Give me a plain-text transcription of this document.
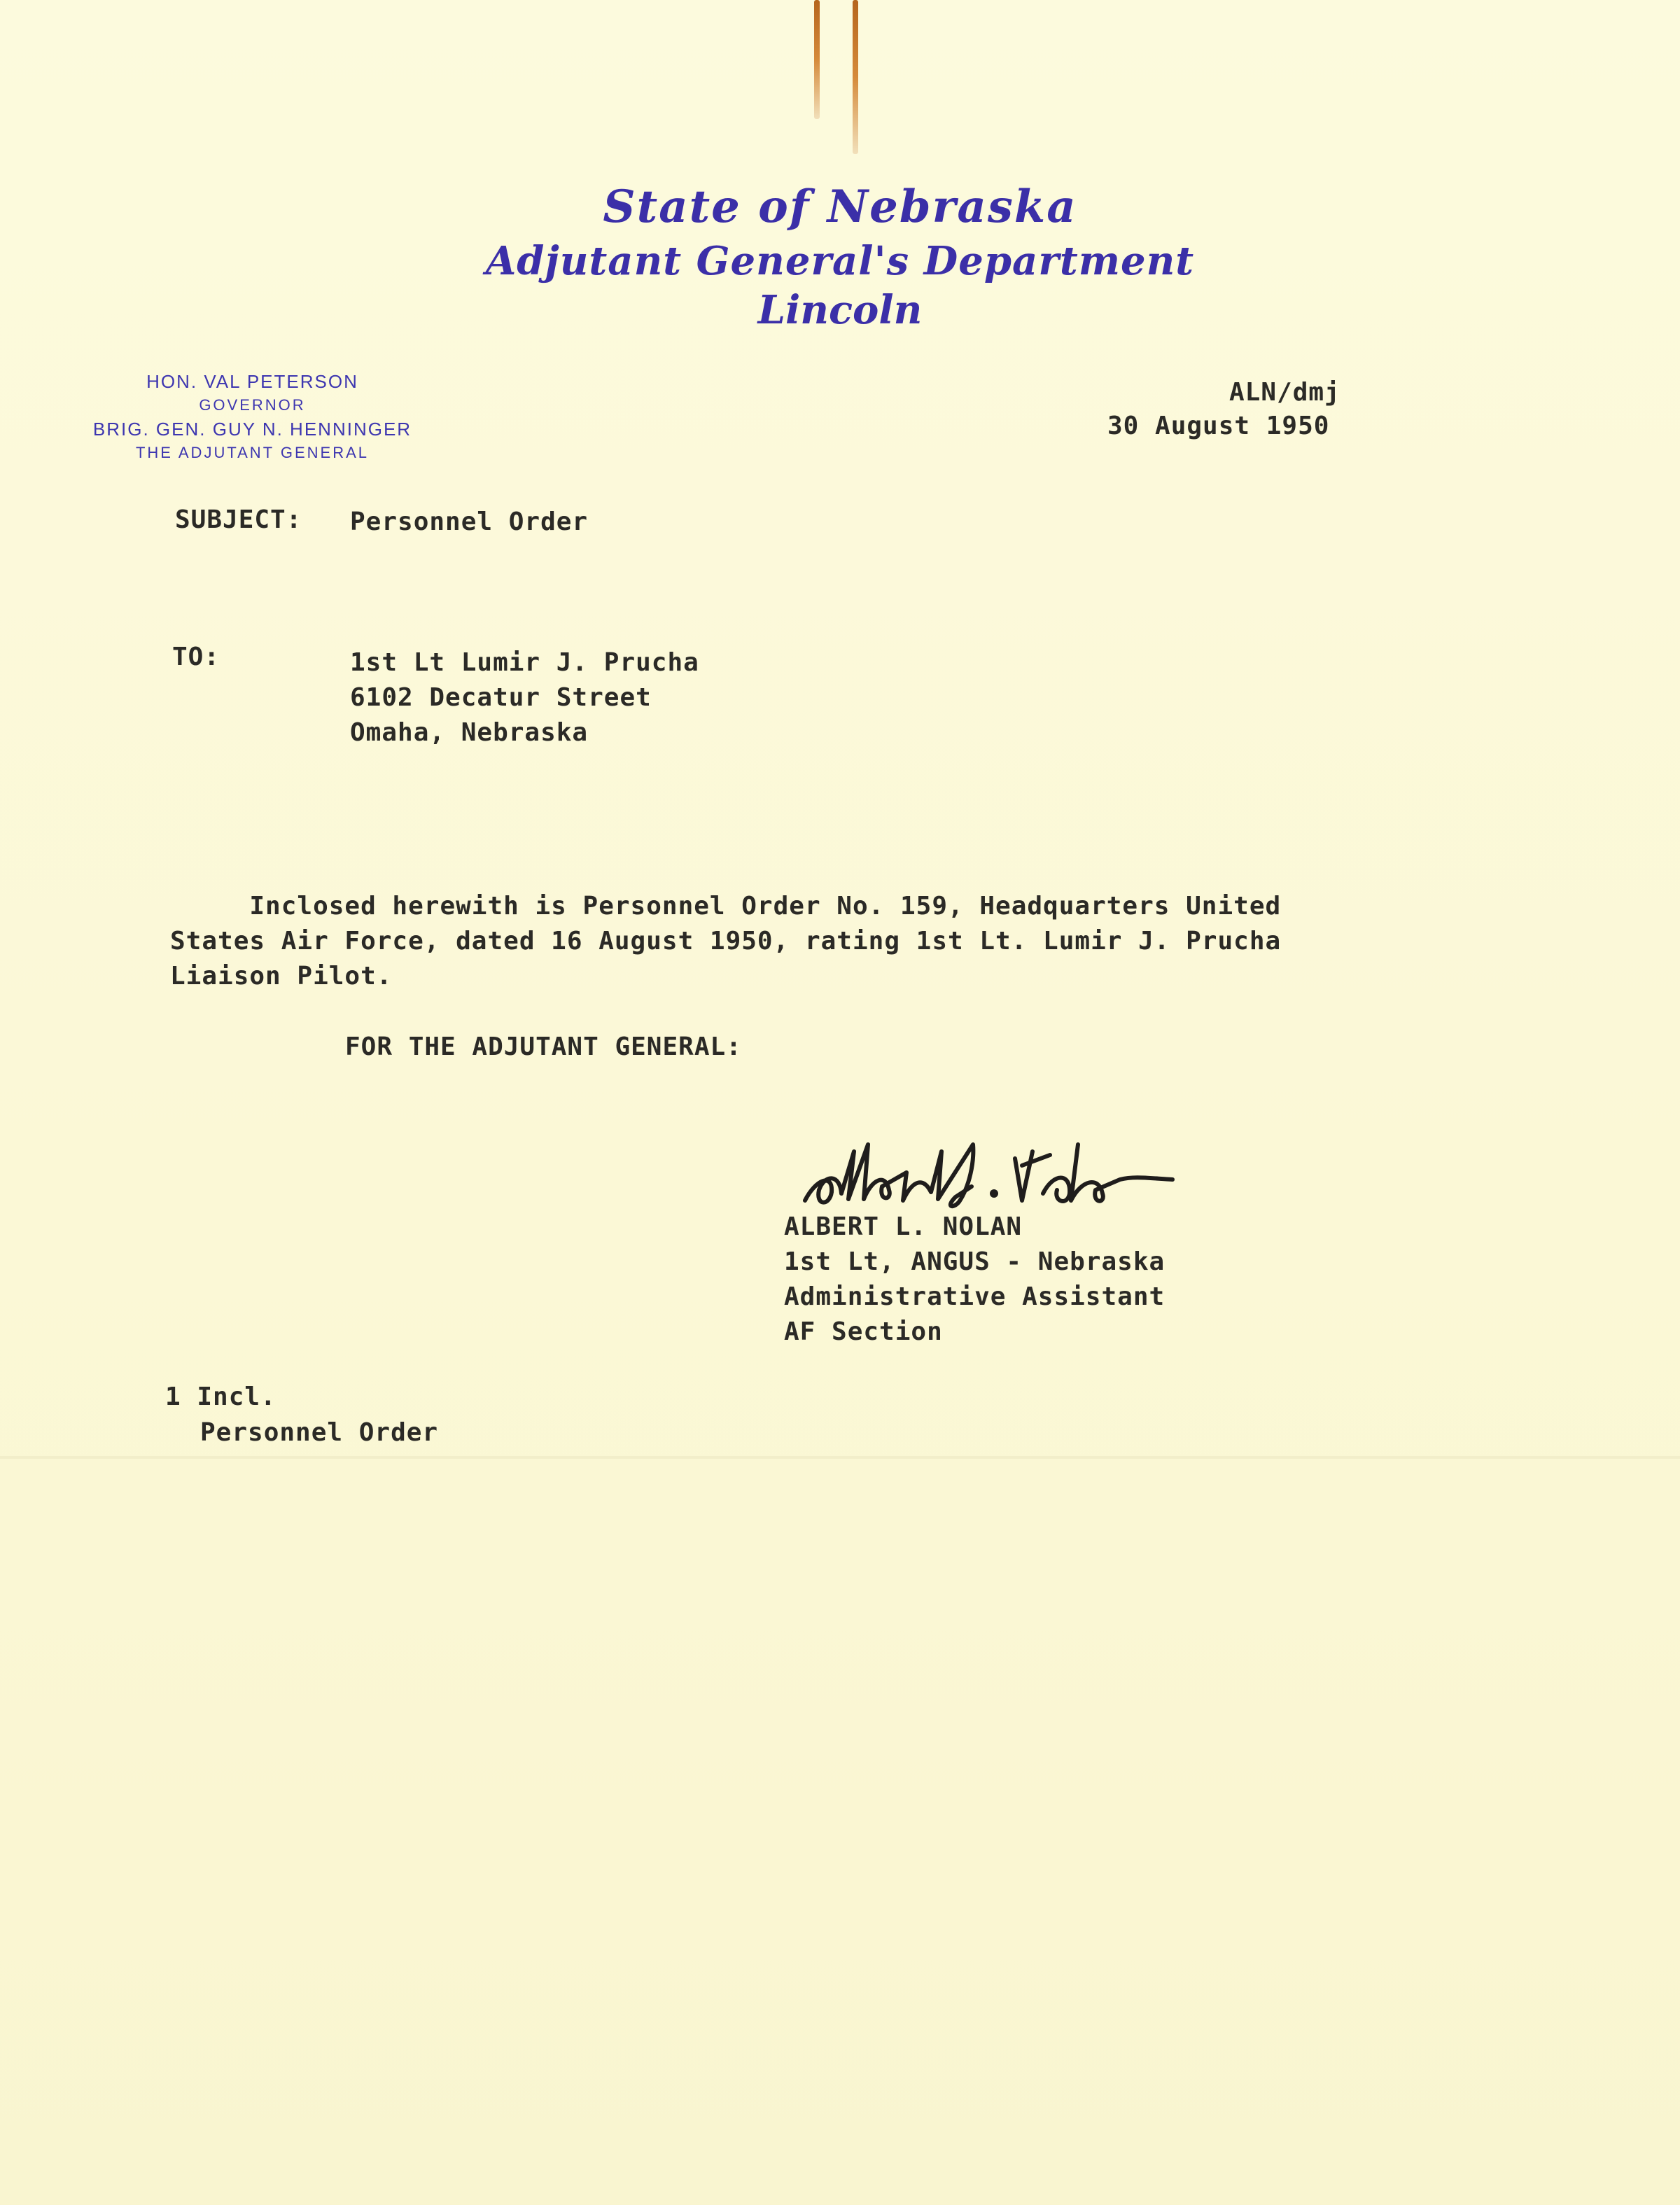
State of Nebraska
Adjutant General's Department
Lincoln
HON. VAL PETERSON
GOVERNOR
BRIG. GEN. GUY N. HENNINGER
THE ADJUTANT GENERAL
ALN/dmj
30 August 1950
SUBJECT: Personnel Order
TO:	1st Lt Lumir J. Prucha
6102 Decatur Street
Omaha, Nebraska
Inclosed herewith is Personnel Order No. 159, Headquarters United
States Air Force, dated 16 August 1950, rating 1st Lt. Lumir J. Prucha
Liaison Pilot.
FOR THE ADJUTANT GENERAL:
ALBERT L. NOLAN
1st Lt, ANGUS - Nebraska
Administrative Assistant
AF Section
1 Incl.
Personnel Order
